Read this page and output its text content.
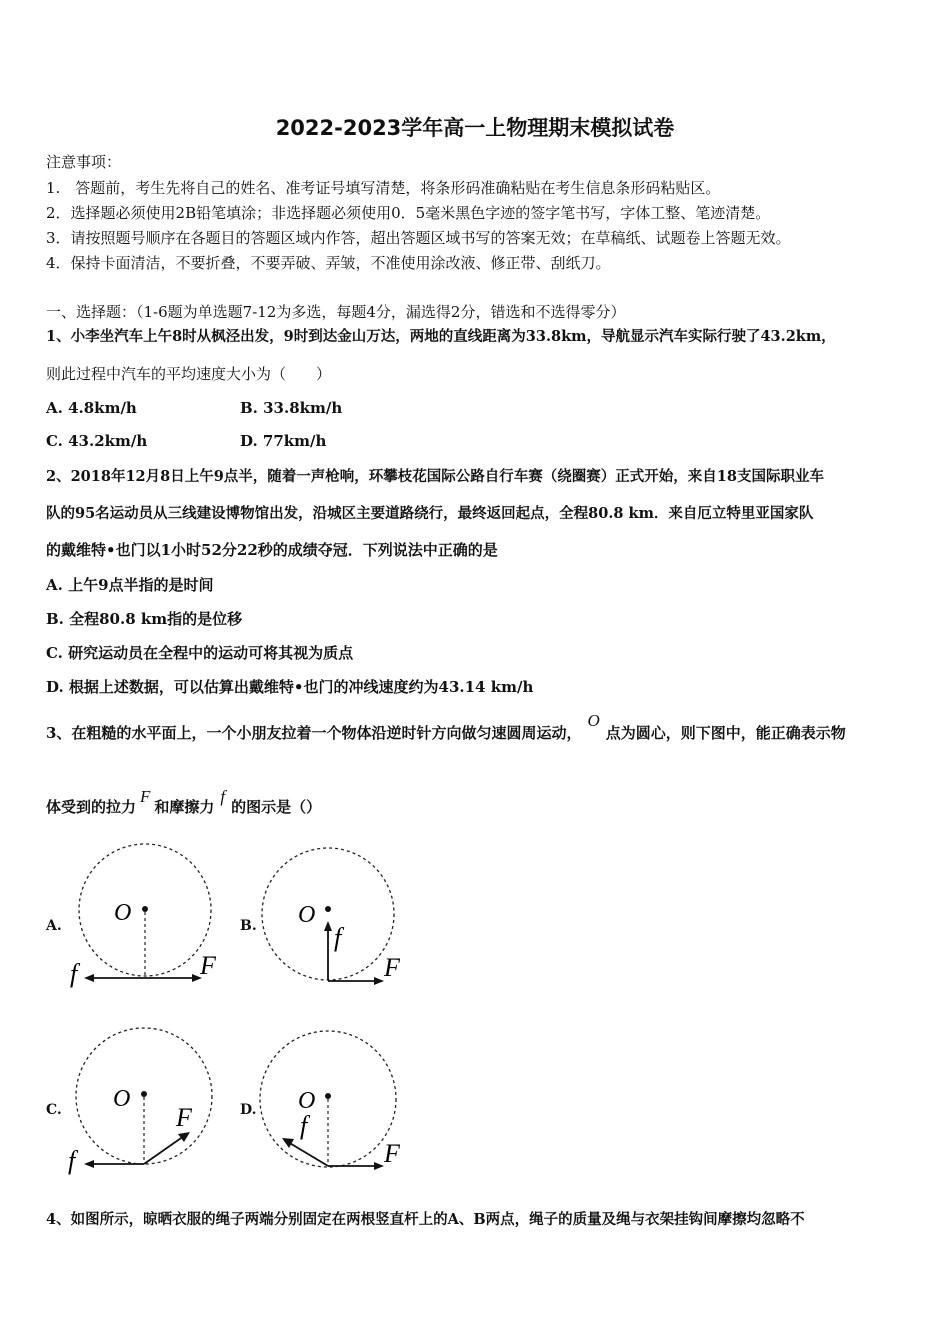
2022-2023学年高一上物理期末模拟试卷
注意事项：
1.　答题前，考生先将自己的姓名、准考证号填写清楚，将条形码准确粘贴在考生信息条形码粘贴区。
2．选择题必须使用2B铅笔填涂；非选择题必须使用0．5毫米黑色字迹的签字笔书写，字体工整、笔迹清楚。
3．请按照题号顺序在各题目的答题区域内作答，超出答题区域书写的答案无效；在草稿纸、试题卷上答题无效。
4．保持卡面清洁，不要折叠，不要弄破、弄皱，不准使用涂改液、修正带、刮纸刀。
一、选择题：（1-6题为单选题7-12为多选，每题4分，漏选得2分，错选和不选得零分）
1、小李坐汽车上午8时从枫泾出发，9时到达金山万达，两地的直线距离为33.8km，导航显示汽车实际行驶了43.2km，
则此过程中汽车的平均速度大小为（　　）
A. 4.8km/h	B. 33.8km/h
C. 43.2km/h	D. 77km/h
2、2018年12月8日上午9点半，随着一声枪响，环攀枝花国际公路自行车赛（绕圈赛）正式开始，来自18支国际职业车
队的95名运动员从三线建设博物馆出发，沿城区主要道路绕行，最终返回起点，全程80.8 km．来自厄立特里亚国家队
的戴维特•也门以1小时52分22秒的成绩夺冠．下列说法中正确的是
A. 上午9点半指的是时间
B. 全程80.8 km指的是位移
C. 研究运动员在全程中的运动可将其视为质点
D. 根据上述数据，可以估算出戴维特•也门的冲线速度约为43.14 km/h
3、在粗糙的水平面上，一个小朋友拉着一个物体沿逆时针方向做匀速圆周运动，O点为圆心，则下图中，能正确表示物
体受到的拉力F和摩擦力f的图示是（）
A. O
f	F
B. O
f
F
C. O
f
F	D. O
f
F
4、如图所示，晾晒衣服的绳子两端分别固定在两根竖直杆上的A、B两点，绳子的质量及绳与衣架挂钩间摩擦均忽略不
